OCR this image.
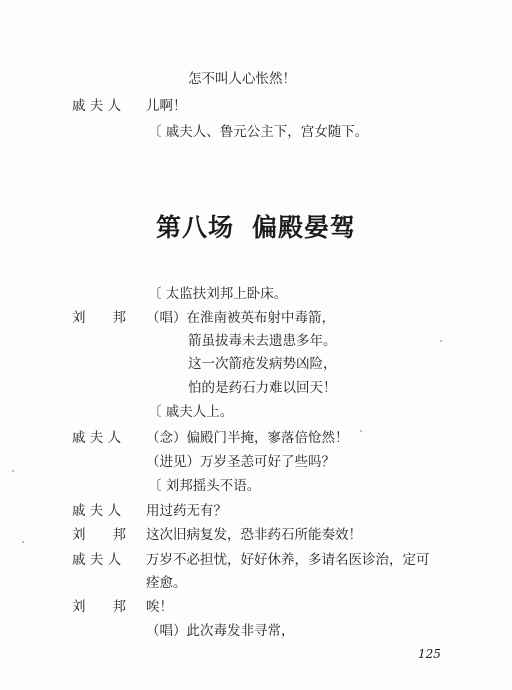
怎不叫人心怅然！
戚 夫 人	儿啊！
〔 戚夫人、鲁元公主下，宫女随下。
第八场 偏殿晏驾
〔 太监扶刘邦上卧床。
刘　　邦	（唱）在淮南被英布射中毒箭，
箭虽拔毒未去遗患多年。
这一次箭疮发病势凶险，
怕的是药石力难以回天！
〔 戚夫人上。
戚 夫 人	（念）偏殿门半掩，寥落倍怆然！
（进见）万岁圣恙可好了些吗？
〔 刘邦摇头不语。
戚 夫 人	用过药无有？
刘　　邦	这次旧病复发，恐非药石所能奏效！
戚 夫 人	万岁不必担忧，好好休养，多请名医诊治，定可
痊愈。
刘　　邦	唉！
（唱）此次毒发非寻常，
125
